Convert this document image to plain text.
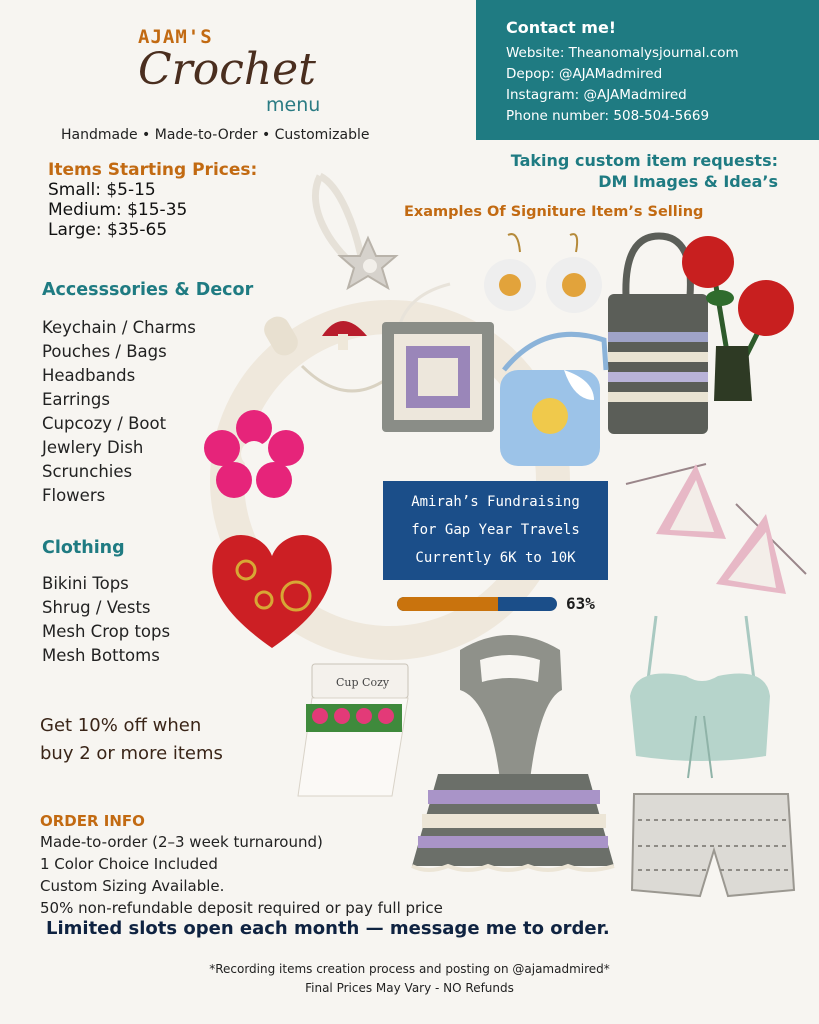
AJAM'S
Crochet
menu
Handmade • Made-to-Order • Customizable
Contact me!
Website: Theanomalysjournal.com
Depop: @AJAMadmired
Instagram: @AJAMadmired
Phone number: 508-504-5669
Taking custom item requests:
DM Images & Idea’s
Examples Of Signiture Item’s Selling
Items Starting Prices:
Small: $5-15
Medium: $15-35
Large: $35-65
Accesssories & Decor
Keychain / Charms
Pouches / Bags
Headbands
Earrings
Cupcozy / Boot
Jewlery Dish
Scrunchies
Flowers
Clothing
Bikini Tops
Shrug / Vests
Mesh Crop tops
Mesh Bottoms
Get 10% off when
buy 2 or more items
Amirah’s Fundraising
for Gap Year Travels
Currently 6K to 10K
63%
Cup Cozy
ORDER INFO
Made-to-order (2–3 week turnaround)
1 Color Choice Included
Custom Sizing Available.
50% non-refundable deposit required or pay full price
Limited slots open each month — message me to order.
*Recording items creation process and posting on @ajamadmired*
Final Prices May Vary - NO Refunds
